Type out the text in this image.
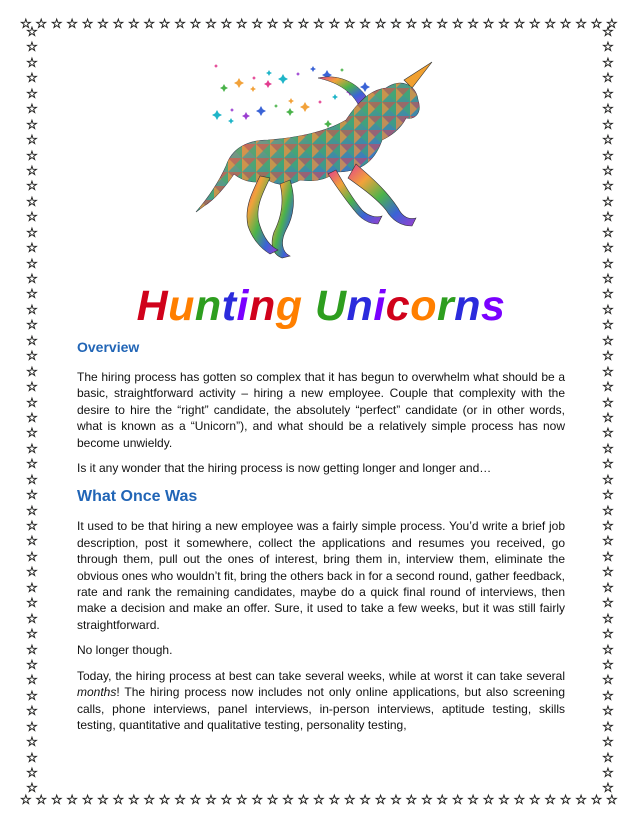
☆ ☆ ☆ ☆ ☆ ☆ ☆ ☆ ☆ ☆ ☆ ☆ ☆ ☆ ☆ ☆ ☆ ☆ ☆ ☆ ☆ ☆ ☆ ☆ ☆ ☆ ☆ ☆ ☆ ☆ ☆ ☆ ☆ ☆ ☆ ☆ ☆ ☆ ☆
☆ ☆ ☆ ☆ ☆ ☆ ☆ ☆ ☆ ☆ ☆ ☆ ☆ ☆ ☆ ☆ ☆ ☆ ☆ ☆ ☆ ☆ ☆ ☆ ☆ ☆ ☆ ☆ ☆ ☆ ☆ ☆ ☆ ☆ ☆ ☆ ☆ ☆ ☆
☆
☆
☆
☆
☆
☆
☆
☆
☆
☆
☆
☆
☆
☆
☆
☆
☆
☆
☆
☆
☆
☆
☆
☆
☆
☆
☆
☆
☆
☆
☆
☆
☆
☆
☆
☆
☆
☆
☆
☆
☆
☆
☆
☆
☆
☆
☆
☆
☆
☆
☆
☆
☆
☆
☆
☆
☆
☆
☆
☆
☆
☆
☆
☆
☆
☆
☆
☆
☆
☆
☆
☆
☆
☆
☆
☆
☆
☆
☆
☆
☆
☆
☆
☆
☆
☆
☆
☆
☆
☆
☆
☆
☆
☆
☆
☆
☆
☆
☆
☆
Hunting Unicorns
Overview

The hiring process has gotten so complex that it has begun to overwhelm what should be a basic, straightforward activity – hiring a new employee. Couple that complexity with the desire to hire the “right” candidate, the absolutely “perfect” candidate (or in other words, what is known as a “Unicorn”), and what should be a relatively simple process has now become unwieldy.

Is it any wonder that the hiring process is now getting longer and longer and…

What Once Was

It used to be that hiring a new employee was a fairly simple process. You’d write a brief job description, post it somewhere, collect the applications and resumes you received, go through them, pull out the ones of interest, bring them in, interview them, eliminate the obvious ones who wouldn’t fit, bring the others back in for a second round, gather feedback, rate and rank the remaining candidates, maybe do a quick final round of interviews, then make a decision and make an offer. Sure, it used to take a few weeks, but it was still fairly straightforward.

No longer though.

Today, the hiring process at best can take several weeks, while at worst it can take several months! The hiring process now includes not only online applications, but also screening calls, phone interviews, panel interviews, in-person interviews, aptitude testing, skills testing, quantitative and qualitative testing, personality testing,
